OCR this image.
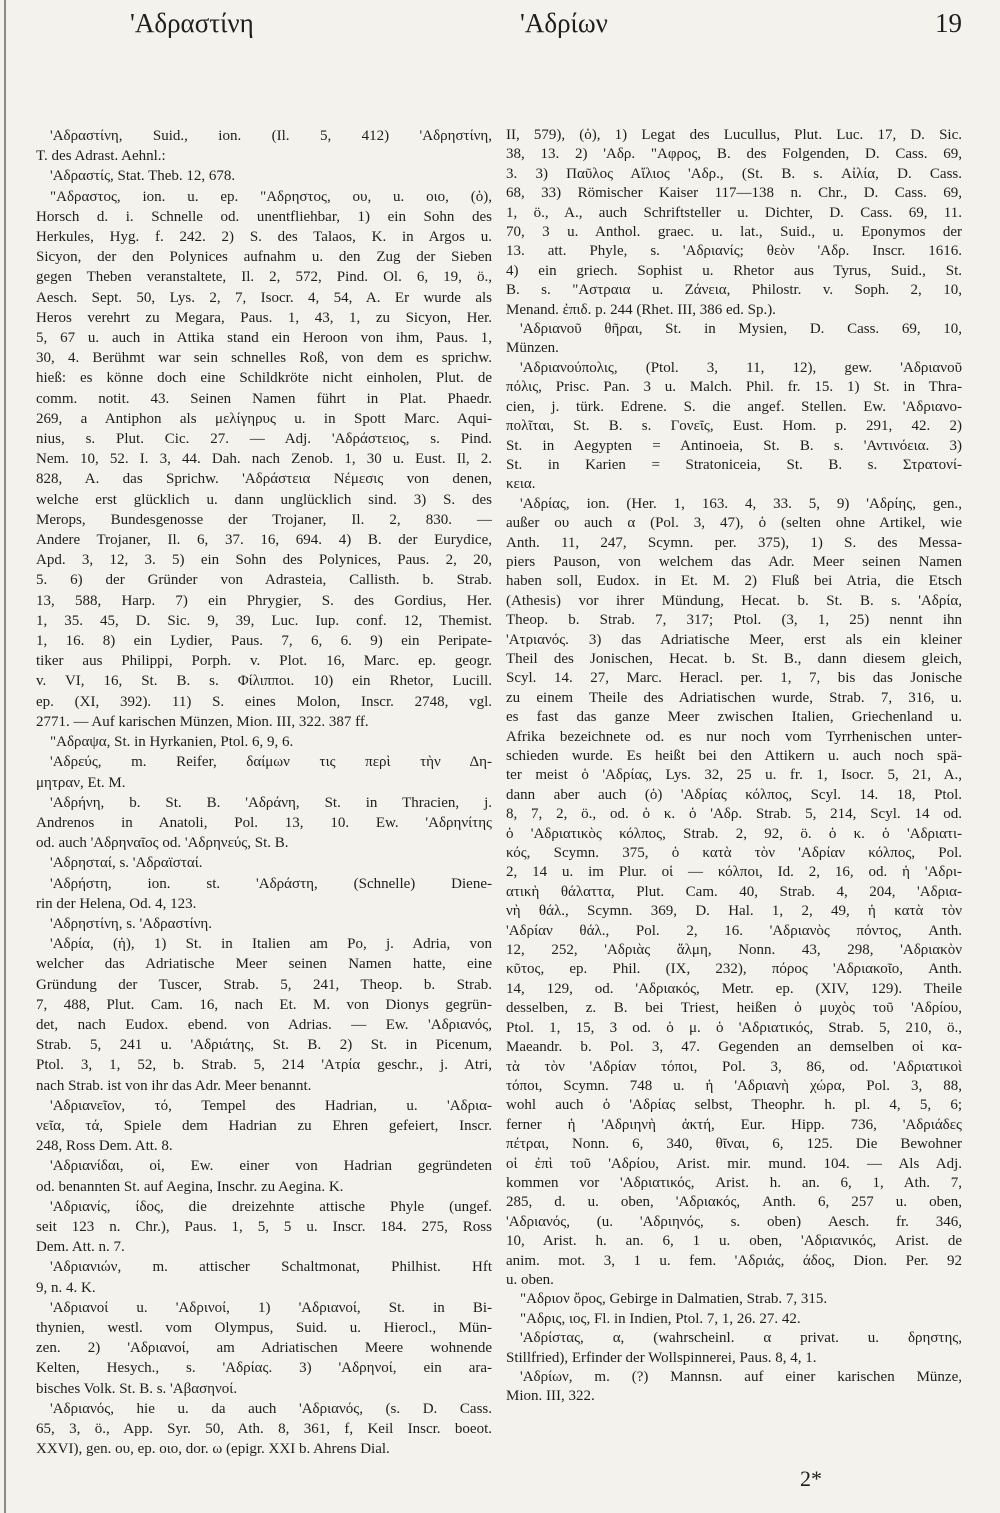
'Αδραστίνη	'Αδρίων	19
'Αδραστίνη, Suid., ion. (Il. 5, 412) 'Αδρηστίνη,
T. des Adrast. Aehnl.:
'Αδραστίς, Stat. Theb. 12, 678.
"Αδραστος, ion. u. ep. "Αδρηστος, ου, u. οιο, (ὁ),
Horsch d. i. Schnelle od. unentfliehbar, 1) ein Sohn des
Herkules, Hyg. f. 242. 2) S. des Talaos, K. in Argos u.
Sicyon, der den Polynices aufnahm u. den Zug der Sieben
gegen Theben veranstaltete, Il. 2, 572, Pind. Ol. 6, 19, ö.,
Aesch. Sept. 50, Lys. 2, 7, Isocr. 4, 54, A. Er wurde als
Heros verehrt zu Megara, Paus. 1, 43, 1, zu Sicyon, Her.
5, 67 u. auch in Attika stand ein Heroon von ihm, Paus. 1,
30, 4. Berühmt war sein schnelles Roß, von dem es sprichw.
hieß: es könne doch eine Schildkröte nicht einholen, Plut. de
comm. notit. 43. Seinen Namen führt in Plat. Phaedr.
269, a Antiphon als μελίγηρυς u. in Spott Marc. Aqui-
nius, s. Plut. Cic. 27. — Adj. 'Αδράστειος, s. Pind.
Nem. 10, 52. I. 3, 44. Dah. nach Zenob. 1, 30 u. Eust. Il, 2.
828, A. das Sprichw. 'Αδράστεια Νέμεσις von denen,
welche erst glücklich u. dann unglücklich sind. 3) S. des
Merops, Bundesgenosse der Trojaner, Il. 2, 830. —
Andere Trojaner, Il. 6, 37. 16, 694. 4) B. der Eurydice,
Apd. 3, 12, 3. 5) ein Sohn des Polynices, Paus. 2, 20,
5. 6) der Gründer von Adrasteia, Callisth. b. Strab.
13, 588, Harp. 7) ein Phrygier, S. des Gordius, Her.
1, 35. 45, D. Sic. 9, 39, Luc. Iup. conf. 12, Themist.
1, 16. 8) ein Lydier, Paus. 7, 6, 6. 9) ein Peripate-
tiker aus Philippi, Porph. v. Plot. 16, Marc. ep. geogr.
v. VI, 16, St. B. s. Φίλιπποι. 10) ein Rhetor, Lucill.
ep. (XI, 392). 11) S. eines Molon, Inscr. 2748, vgl.
2771. — Auf karischen Münzen, Mion. III, 322. 387 ff.
"Αδραψα, St. in Hyrkanien, Ptol. 6, 9, 6.
'Αδρεύς, m. Reifer, δαίμων τις περὶ τὴν Δη-
μητραν, Et. M.
'Αδρήνη, b. St. B. 'Αδράνη, St. in Thracien, j.
Andrenos in Anatoli, Pol. 13, 10. Ew. 'Αδρηνίτης
od. auch 'Αδρηναῖος od. 'Αδρηνεύς, St. B.
'Αδρησταί, s. 'Αδραϊσταί.
'Αδρήστη, ion. st. 'Αδράστη, (Schnelle) Diene-
rin der Helena, Od. 4, 123.
'Αδρηστίνη, s. 'Αδραστίνη.
'Αδρία, (ἡ), 1) St. in Italien am Po, j. Adria, von
welcher das Adriatische Meer seinen Namen hatte, eine
Gründung der Tuscer, Strab. 5, 241, Theop. b. Strab.
7, 488, Plut. Cam. 16, nach Et. M. von Dionys gegrün-
det, nach Eudox. ebend. von Adrias. — Ew. 'Αδριανός,
Strab. 5, 241 u. 'Αδριάτης, St. B. 2) St. in Picenum,
Ptol. 3, 1, 52, b. Strab. 5, 214 'Ατρία geschr., j. Atri,
nach Strab. ist von ihr das Adr. Meer benannt.
'Αδριανεῖον, τό, Tempel des Hadrian, u. 'Αδρια-
νεῖα, τά, Spiele dem Hadrian zu Ehren gefeiert, Inscr.
248, Ross Dem. Att. 8.
'Αδριανίδαι, οἱ, Ew. einer von Hadrian gegründeten
od. benannten St. auf Aegina, Inschr. zu Aegina. K.
'Αδριανίς, ίδος, die dreizehnte attische Phyle (ungef.
seit 123 n. Chr.), Paus. 1, 5, 5 u. Inscr. 184. 275, Ross
Dem. Att. n. 7.
'Αδριανιών, m. attischer Schaltmonat, Philhist. Hft
9, n. 4. K.
'Αδριανοί u. 'Αδρινοί, 1) 'Αδριανοί, St. in Bi-
thynien, westl. vom Olympus, Suid. u. Hierocl., Mün-
zen. 2) 'Αδριανοί, am Adriatischen Meere wohnende
Kelten, Hesych., s. 'Αδρίας. 3) 'Αδρηνοί, ein ara-
bisches Volk. St. B. s. 'Αβασηνοί.
'Αδριανός, hie u. da auch 'Αδριανός, (s. D. Cass.
65, 3, ö., App. Syr. 50, Ath. 8, 361, f, Keil Inscr. boeot.
XXVI), gen. ου, ep. οιο, dor. ω (epigr. XXI b. Ahrens Dial.
II, 579), (ὁ), 1) Legat des Lucullus, Plut. Luc. 17, D. Sic.
38, 13. 2) 'Αδρ. "Αφρος, B. des Folgenden, D. Cass. 69,
3. 3) Παῦλος Αἴλιος 'Αδρ., (St. B. s. Αἰλία, D. Cass.
68, 33) Römischer Kaiser 117—138 n. Chr., D. Cass. 69,
1, ö., A., auch Schriftsteller u. Dichter, D. Cass. 69, 11.
70, 3 u. Anthol. graec. u. lat., Suid., u. Eponymos der
13. att. Phyle, s. 'Αδριανίς; θεὸν 'Αδρ. Inscr. 1616.
4) ein griech. Sophist u. Rhetor aus Tyrus, Suid., St.
B. s. "Αστραια u. Ζάνεια, Philostr. v. Soph. 2, 10,
Menand. ἐπιδ. p. 244 (Rhet. III, 386 ed. Sp.).
'Αδριανοῦ θῆραι, St. in Mysien, D. Cass. 69, 10,
Münzen.
'Αδριανούπολις, (Ptol. 3, 11, 12), gew. 'Αδριανοῦ
πόλις, Prisc. Pan. 3 u. Malch. Phil. fr. 15. 1) St. in Thra-
cien, j. türk. Edrene. S. die angef. Stellen. Ew. 'Αδριανο-
πολῖται, St. B. s. Γονεῖς, Eust. Hom. p. 291, 42. 2)
St. in Aegypten = Antinoeia, St. B. s. 'Αντινόεια. 3)
St. in Karien = Stratoniceia, St. B. s. Στρατονί-
κεια.
'Αδρίας, ion. (Her. 1, 163. 4, 33. 5, 9) 'Αδρίης, gen.,
außer ου auch α (Pol. 3, 47), ὁ (selten ohne Artikel, wie
Anth. 11, 247, Scymn. per. 375), 1) S. des Messa-
piers Pauson, von welchem das Adr. Meer seinen Namen
haben soll, Eudox. in Et. M. 2) Fluß bei Atria, die Etsch
(Athesis) vor ihrer Mündung, Hecat. b. St. B. s. 'Αδρία,
Theop. b. Strab. 7, 317; Ptol. (3, 1, 25) nennt ihn
'Ατριανός. 3) das Adriatische Meer, erst als ein kleiner
Theil des Jonischen, Hecat. b. St. B., dann diesem gleich,
Scyl. 14. 27, Marc. Heracl. per. 1, 7, bis das Jonische
zu einem Theile des Adriatischen wurde, Strab. 7, 316, u.
es fast das ganze Meer zwischen Italien, Griechenland u.
Afrika bezeichnete od. es nur noch vom Tyrrhenischen unter-
schieden wurde. Es heißt bei den Attikern u. auch noch spä-
ter meist ὁ 'Αδρίας, Lys. 32, 25 u. fr. 1, Isocr. 5, 21, A.,
dann aber auch (ὁ) 'Αδρίας κόλπος, Scyl. 14. 18, Ptol.
8, 7, 2, ö., od. ὁ κ. ὁ 'Αδρ. Strab. 5, 214, Scyl. 14 od.
ὁ 'Αδριατικὸς κόλπος, Strab. 2, 92, ö. ὁ κ. ὁ 'Αδριατι-
κός, Scymn. 375, ὁ κατὰ τὸν 'Αδρίαν κόλπος, Pol.
2, 14 u. im Plur. οἱ — κόλποι, Id. 2, 16, od. ἡ 'Αδρι-
ατικὴ θάλαττα, Plut. Cam. 40, Strab. 4, 204, 'Αδρια-
νὴ θάλ., Scymn. 369, D. Hal. 1, 2, 49, ἡ κατὰ τὸν
'Αδρίαν θάλ., Pol. 2, 16. 'Αδριανὸς πόντος, Anth.
12, 252, 'Αδριὰς ἅλμη, Nonn. 43, 298, 'Αδριακὸν
κῦτος, ep. Phil. (IX, 232), πόρος 'Αδριακοῖο, Anth.
14, 129, od. 'Αδριακός, Metr. ep. (XIV, 129). Theile
desselben, z. B. bei Triest, heißen ὁ μυχὸς τοῦ 'Αδρίου,
Ptol. 1, 15, 3 od. ὁ μ. ὁ 'Αδριατικός, Strab. 5, 210, ö.,
Maeandr. b. Pol. 3, 47. Gegenden an demselben οἱ κα-
τὰ τὸν 'Αδρίαν τόποι, Pol. 3, 86, od. 'Αδριατικοὶ
τόποι, Scymn. 748 u. ἡ 'Αδριανὴ χώρα, Pol. 3, 88,
wohl auch ὁ 'Αδρίας selbst, Theophr. h. pl. 4, 5, 6;
ferner ἡ 'Αδριηνὴ ἀκτή, Eur. Hipp. 736, 'Αδριάδες
πέτραι, Nonn. 6, 340, θῖναι, 6, 125. Die Bewohner
οἱ ἐπὶ τοῦ 'Αδρίου, Arist. mir. mund. 104. — Als Adj.
kommen vor 'Αδριατικός, Arist. h. an. 6, 1, Ath. 7,
285, d. u. oben, 'Αδριακός, Anth. 6, 257 u. oben,
'Αδριανός, (u. 'Αδριηνός, s. oben) Aesch. fr. 346,
10, Arist. h. an. 6, 1 u. oben, 'Αδριανικός, Arist. de
anim. mot. 3, 1 u. fem. 'Αδριάς, άδος, Dion. Per. 92
u. oben.
"Αδριον ὄρος, Gebirge in Dalmatien, Strab. 7, 315.
"Αδρις, ιος, Fl. in Indien, Ptol. 7, 1, 26. 27. 42.
'Αδρίστας, α, (wahrscheinl. α privat. u. δρηστης,
Stillfried), Erfinder der Wollspinnerei, Paus. 8, 4, 1.
'Αδρίων, m. (?) Mannsn. auf einer karischen Münze,
Mion. III, 322.
2*
